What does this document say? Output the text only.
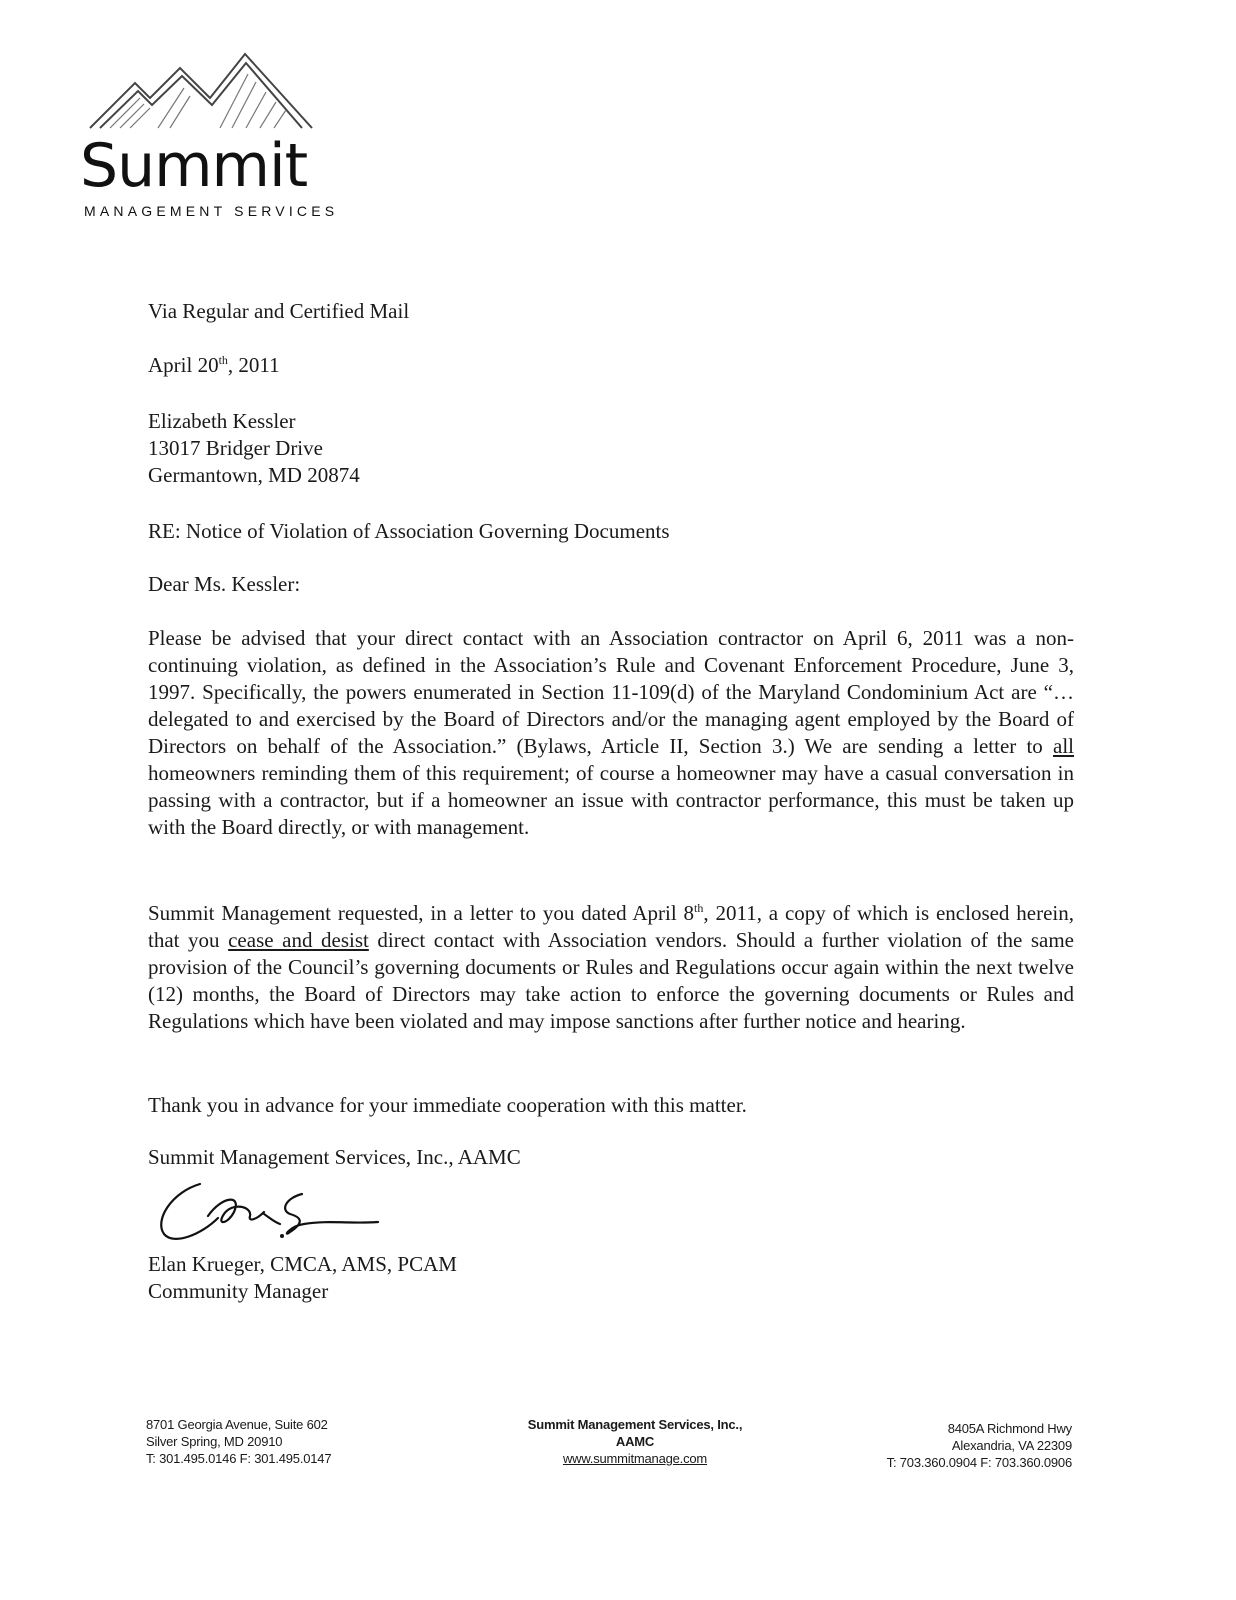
Summit
MANAGEMENT SERVICES
Via Regular and Certified Mail
April 20th, 2011
Elizabeth Kessler
13017 Bridger Drive
Germantown, MD 20874
RE: Notice of Violation of Association Governing Documents
Dear Ms. Kessler:
Please be advised that your direct contact with an Association contractor on April 6, 2011 was a non-continuing violation, as defined in the Association’s Rule and Covenant Enforcement Procedure, June 3, 1997. Specifically, the powers enumerated in Section 11-109(d) of the Maryland Condominium Act are “…delegated to and exercised by the Board of Directors and/or the managing agent employed by the Board of Directors on behalf of the Association.” (Bylaws, Article II, Section 3.) We are sending a letter to all homeowners reminding them of this requirement; of course a homeowner may have a casual conversation in passing with a contractor, but if a homeowner an issue with contractor performance, this must be taken up with the Board directly, or with management.
Summit Management requested, in a letter to you dated April 8th, 2011, a copy of which is enclosed herein, that you cease and desist direct contact with Association vendors. Should a further violation of the same provision of the Council’s governing documents or Rules and Regulations occur again within the next twelve (12) months, the Board of Directors may take action to enforce the governing documents or Rules and Regulations which have been violated and may impose sanctions after further notice and hearing.
Thank you in advance for your immediate cooperation with this matter.
Summit Management Services, Inc., AAMC
Elan Krueger, CMCA, AMS, PCAM
Community Manager
8701 Georgia Avenue, Suite 602
Silver Spring, MD 20910
T: 301.495.0146 F: 301.495.0147
Summit Management Services, Inc., AAMC
www.summitmanage.com
8405A Richmond Hwy
Alexandria, VA 22309
T: 703.360.0904 F: 703.360.0906
